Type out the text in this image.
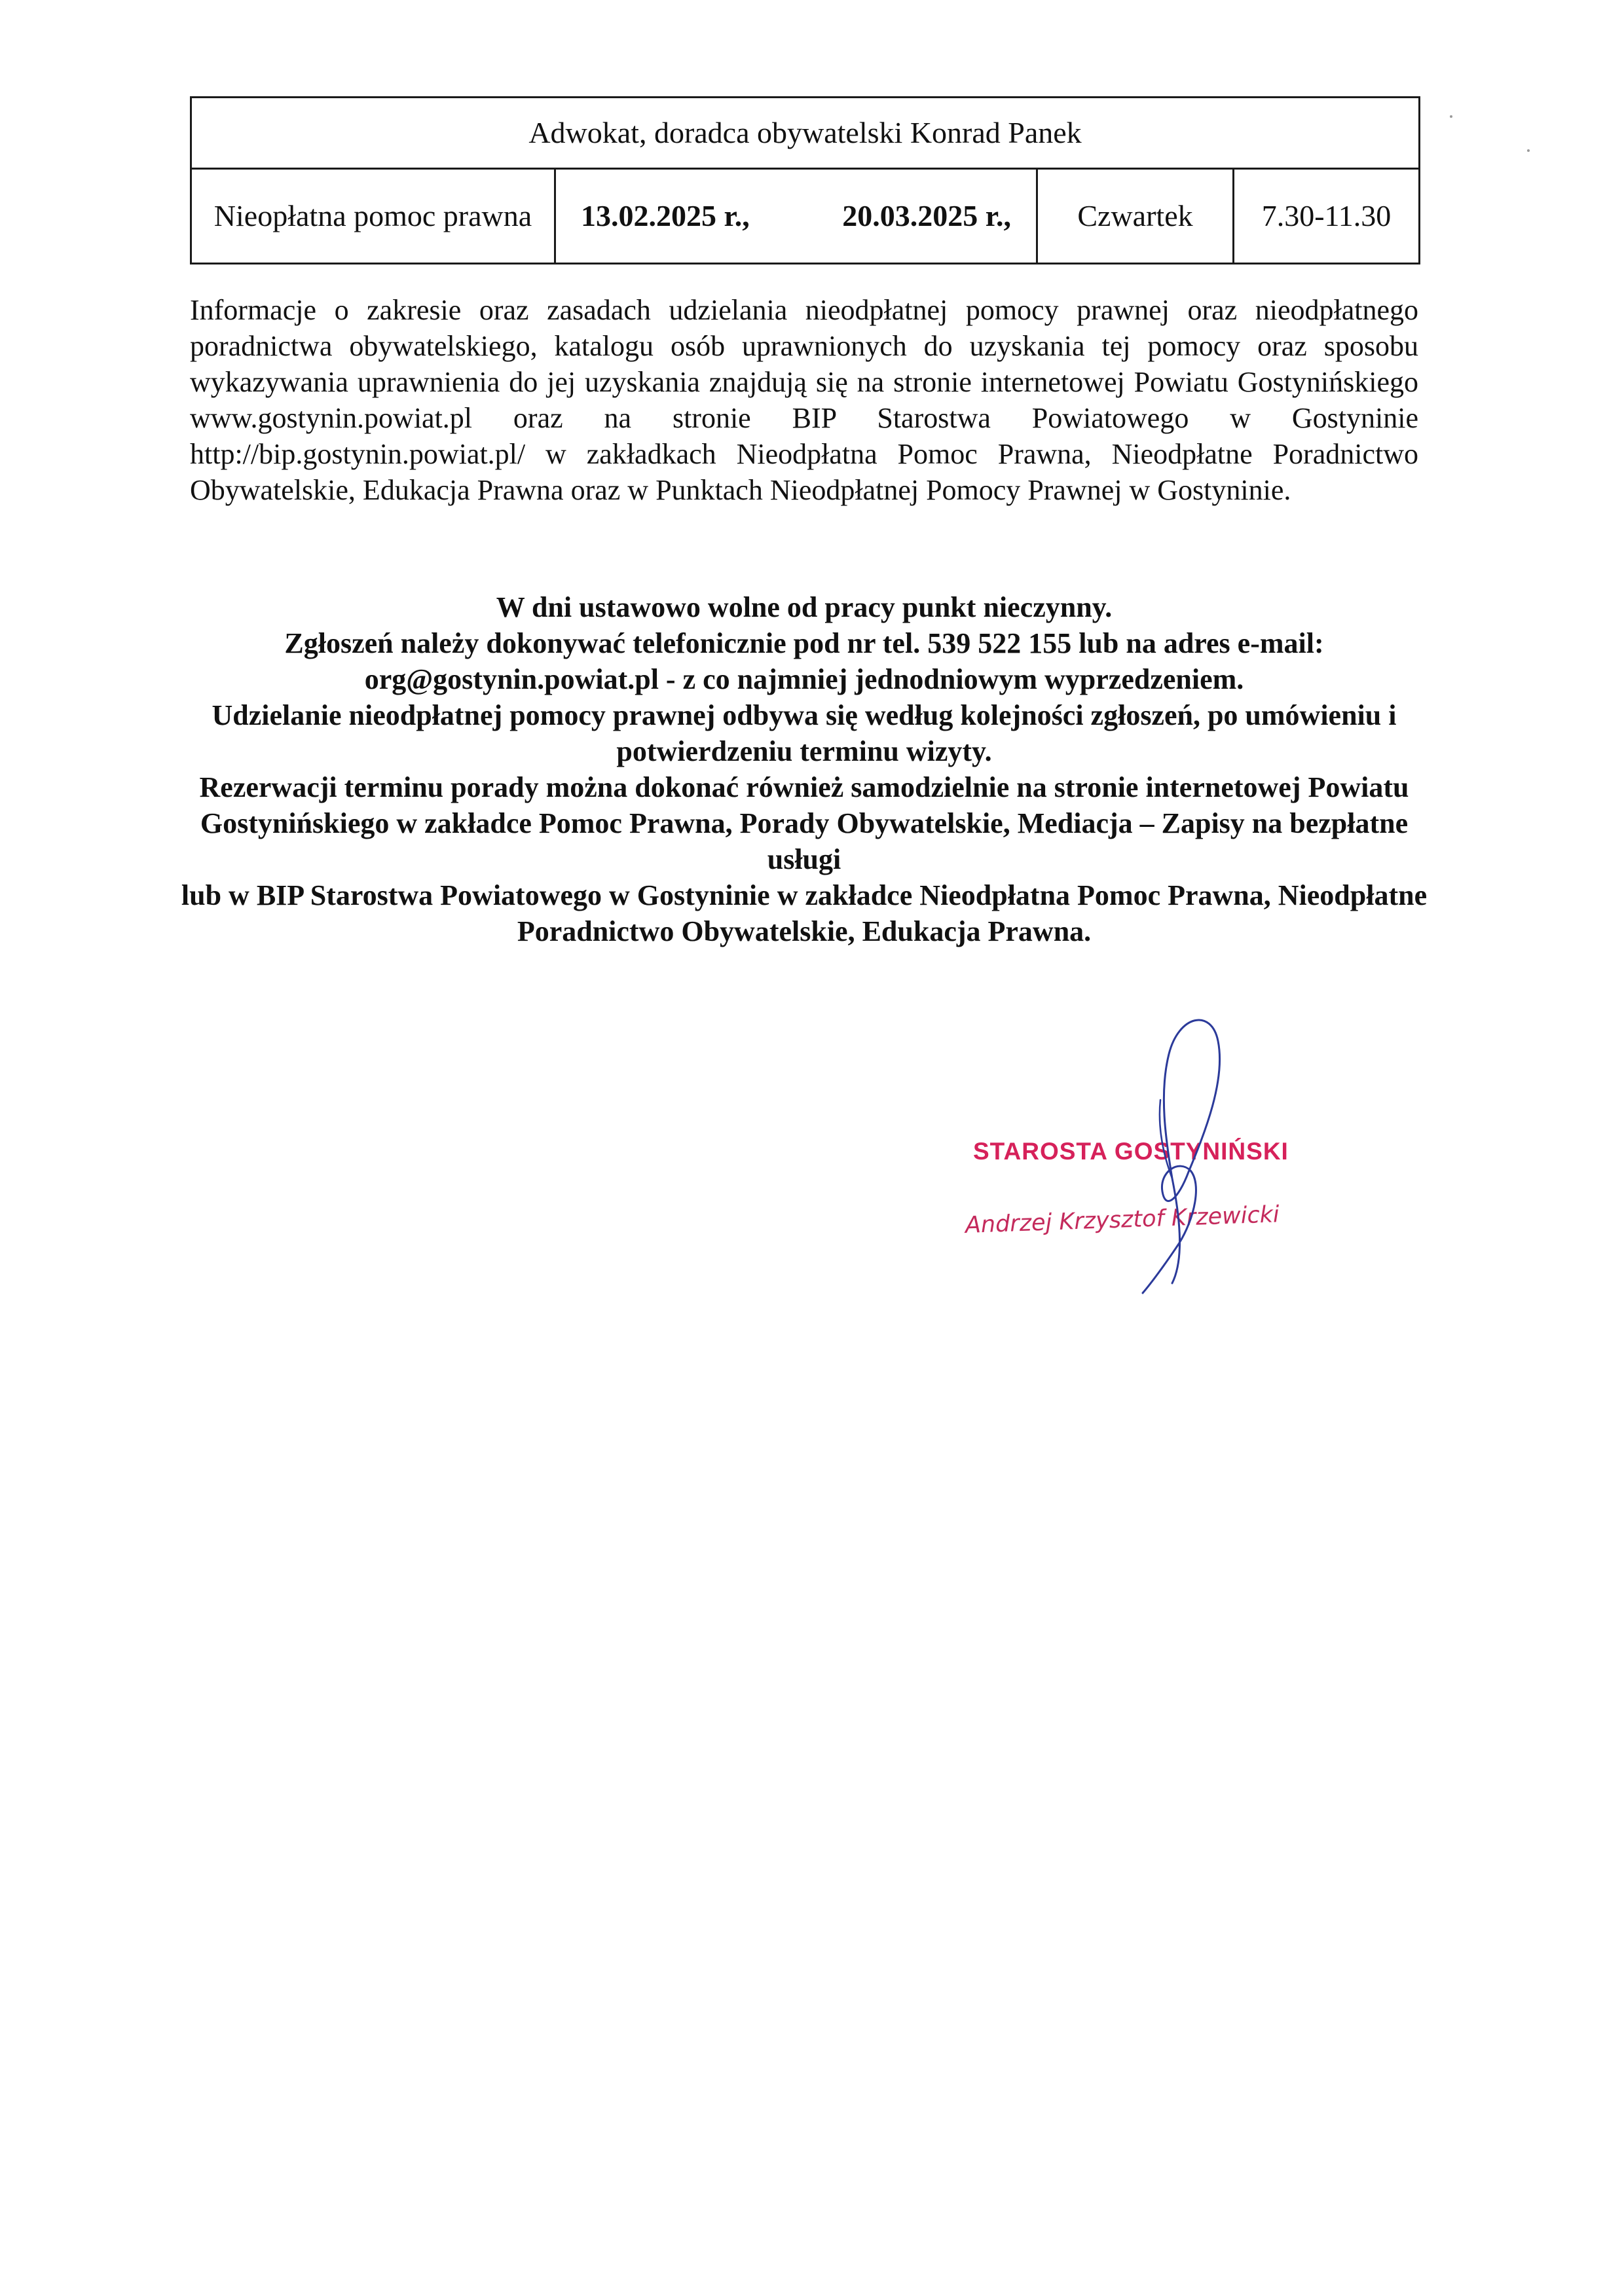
Adwokat, doradca obywatelski Konrad Panek
Nieopłatna pomoc prawna	13.02.2025 r.,	20.03.2025 r.,	Czwartek	7.30-11.30

Informacje o zakresie oraz zasadach udzielania nieodpłatnej pomocy prawnej oraz nieodpłatnego poradnictwa obywatelskiego, katalogu osób uprawnionych do uzyskania tej pomocy oraz sposobu wykazywania uprawnienia do jej uzyskania znajdują się na stronie internetowej Powiatu Gostynińskiego www.gostynin.powiat.pl oraz na stronie BIP Starostwa Powiatowego w Gostyninie http://bip.gostynin.powiat.pl/ w zakładkach Nieodpłatna Pomoc Prawna, Nieodpłatne Poradnictwo Obywatelskie, Edukacja Prawna oraz w Punktach Nieodpłatnej Pomocy Prawnej w Gostyninie.

W dni ustawowo wolne od pracy punkt nieczynny.

Zgłoszeń należy dokonywać telefonicznie pod nr tel. 539 522 155 lub na adres e-mail: org@gostynin.powiat.pl - z co najmniej jednodniowym wyprzedzeniem.

Udzielanie nieodpłatnej pomocy prawnej odbywa się według kolejności zgłoszeń, po umówieniu i potwierdzeniu terminu wizyty.

Rezerwacji terminu porady można dokonać również samodzielnie na stronie internetowej Powiatu Gostynińskiego w zakładce Pomoc Prawna, Porady Obywatelskie, Mediacja – Zapisy na bezpłatne usługi

lub w BIP Starostwa Powiatowego w Gostyninie w zakładce Nieodpłatna Pomoc Prawna, Nieodpłatne Poradnictwo Obywatelskie, Edukacja Prawna.

STAROSTA GOSTYNIŃSKI
Andrzej Krzysztof Krzewicki
